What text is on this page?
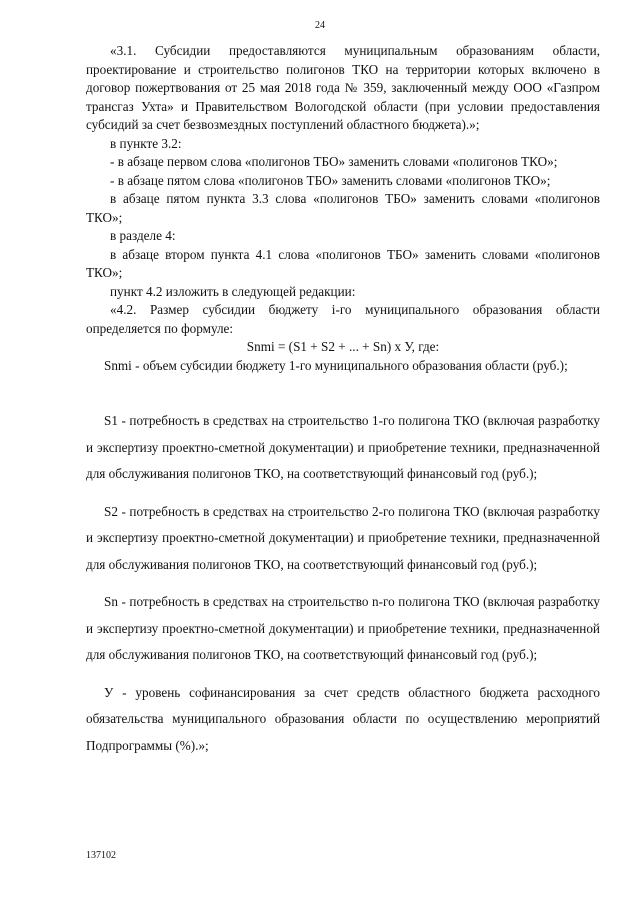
24

«3.1. Субсидии предоставляются муниципальным образованиям области, проектирование и строительство полигонов ТКО на территории которых включено в договор пожертвования от 25 мая 2018 года № 359, заключенный между ООО «Газпром трансгаз Ухта» и Правительством Вологодской области (при условии предоставления субсидий за счет безвозмездных поступлений областного бюджета).»;

в пункте 3.2:

- в абзаце первом слова «полигонов ТБО» заменить словами «полигонов ТКО»;

- в абзаце пятом слова «полигонов ТБО» заменить словами «полигонов ТКО»;

в абзаце пятом пункта 3.3 слова «полигонов ТБО» заменить словами «полигонов ТКО»;

в разделе 4:

в абзаце втором пункта 4.1 слова «полигонов ТБО» заменить словами «полигонов ТКО»;

пункт 4.2 изложить в следующей редакции:

«4.2. Размер субсидии бюджету i-го муниципального образования области определяется по формуле:

Snmi = (S1 + S2 + ... + Sn) x У, где:

Snmi - объем субсидии бюджету 1-го муниципального образования области (руб.);

S1 - потребность в средствах на строительство 1-го полигона ТКО (включая разработку и экспертизу проектно-сметной документации) и приобретение техники, предназначенной для обслуживания полигонов ТКО, на соответствующий финансовый год (руб.);

S2 - потребность в средствах на строительство 2-го полигона ТКО (включая разработку и экспертизу проектно-сметной документации) и приобретение техники, предназначенной для обслуживания полигонов ТКО, на соответствующий финансовый год (руб.);

Sn - потребность в средствах на строительство n-го полигона ТКО (включая разработку и экспертизу проектно-сметной документации) и приобретение техники, предназначенной для обслуживания полигонов ТКО, на соответствующий финансовый год (руб.);

У - уровень софинансирования за счет средств областного бюджета расходного обязательства муниципального образования области по осуществлению мероприятий Подпрограммы (%).»;

137102
